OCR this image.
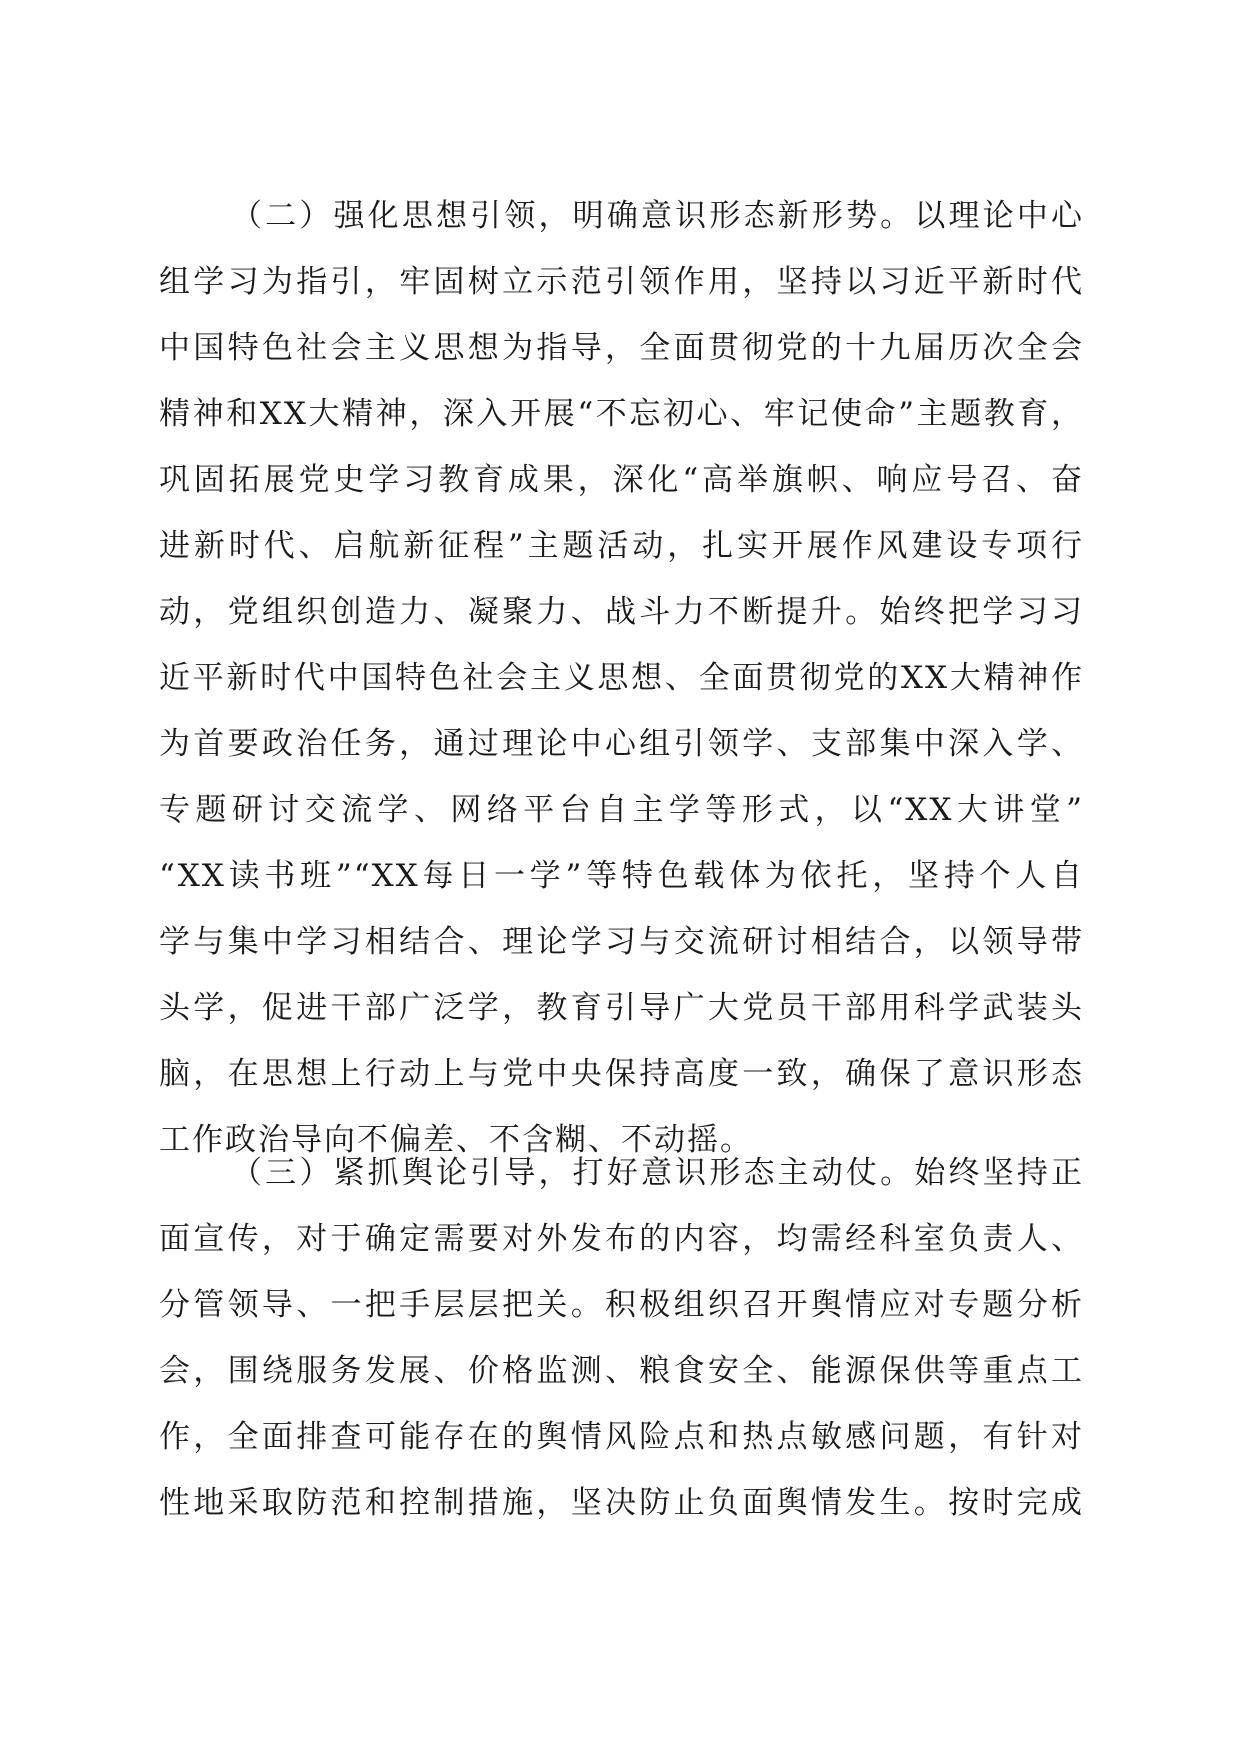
（二）强化思想引领，明确意识形态新形势。以理论中心
组学习为指引，牢固树立示范引领作用，坚持以习近平新时代
中国特色社会主义思想为指导，全面贯彻党的十九届历次全会
精神和XX大精神，深入开展“不忘初心、牢记使命”主题教育，
巩固拓展党史学习教育成果，深化“高举旗帜、响应号召、奋
进新时代、启航新征程”主题活动，扎实开展作风建设专项行
动，党组织创造力、凝聚力、战斗力不断提升。始终把学习习
近平新时代中国特色社会主义思想、全面贯彻党的XX大精神作
为首要政治任务，通过理论中心组引领学、支部集中深入学、
专题研讨交流学、网络平台自主学等形式，以“XX大讲堂”
“XX读书班”“XX每日一学”等特色载体为依托，坚持个人自
学与集中学习相结合、理论学习与交流研讨相结合，以领导带
头学，促进干部广泛学，教育引导广大党员干部用科学武装头
脑，在思想上行动上与党中央保持高度一致，确保了意识形态
工作政治导向不偏差、不含糊、不动摇。
（三）紧抓舆论引导，打好意识形态主动仗。始终坚持正
面宣传，对于确定需要对外发布的内容，均需经科室负责人、
分管领导、一把手层层把关。积极组织召开舆情应对专题分析
会，围绕服务发展、价格监测、粮食安全、能源保供等重点工
作，全面排查可能存在的舆情风险点和热点敏感问题，有针对
性地采取防范和控制措施，坚决防止负面舆情发生。按时完成
